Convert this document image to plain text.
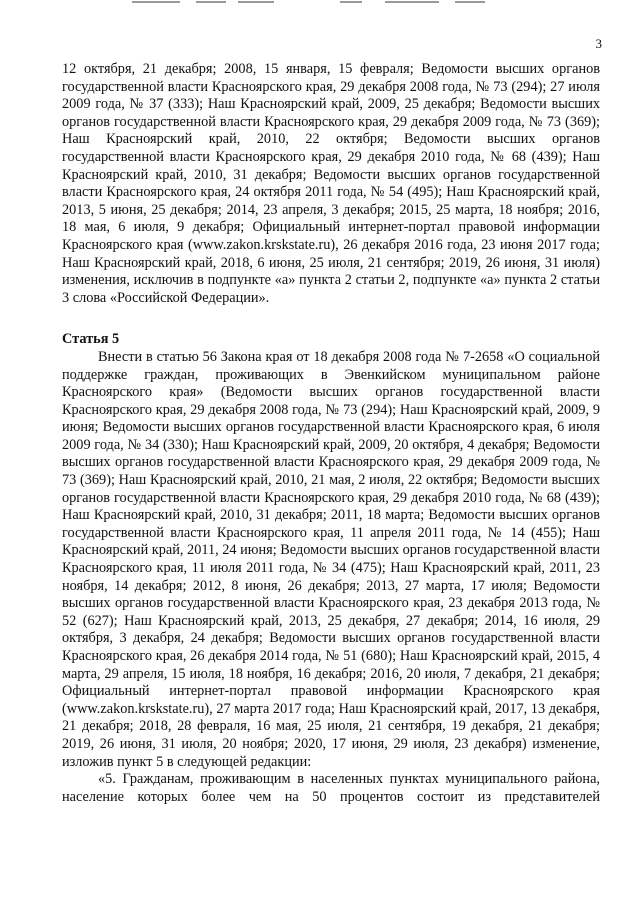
3

12 октября, 21 декабря; 2008, 15 января, 15 февраля; Ведомости высших органов государственной власти Красноярского края, 29 декабря 2008 года, № 73 (294); 27 июля 2009 года, № 37 (333); Наш Красноярский край, 2009, 25 декабря; Ведомости высших органов государственной власти Красноярского края, 29 декабря 2009 года, № 73 (369); Наш Красноярский край, 2010, 22 октября; Ведомости высших органов государственной власти Красноярского края, 29 декабря 2010 года, № 68 (439); Наш Красноярский край, 2010, 31 декабря; Ведомости высших органов государственной власти Красноярского края, 24 октября 2011 года, № 54 (495); Наш Красноярский край, 2013, 5 июня, 25 декабря; 2014, 23 апреля, 3 декабря; 2015, 25 марта, 18 ноября; 2016, 18 мая, 6 июля, 9 декабря; Официальный интернет-портал правовой информации Красноярского края (www.zakon.krskstate.ru), 26 декабря 2016 года, 23 июня 2017 года; Наш Красноярский край, 2018, 6 июня, 25 июля, 21 сентября; 2019, 26 июня, 31 июля) изменения, исключив в подпункте «а» пункта 2 статьи 2, подпункте «а» пункта 2 статьи 3 слова «Российской Федерации».

Статья 5

Внести в статью 56 Закона края от 18 декабря 2008 года № 7-2658 «О социальной поддержке граждан, проживающих в Эвенкийском муниципальном районе Красноярского края» (Ведомости высших органов государственной власти Красноярского края, 29 декабря 2008 года, № 73 (294); Наш Красноярский край, 2009, 9 июня; Ведомости высших органов государственной власти Красноярского края, 6 июля 2009 года, № 34 (330); Наш Красноярский край, 2009, 20 октября, 4 декабря; Ведомости высших органов государственной власти Красноярского края, 29 декабря 2009 года, № 73 (369); Наш Красноярский край, 2010, 21 мая, 2 июля, 22 октября; Ведомости высших органов государственной власти Красноярского края, 29 декабря 2010 года, № 68 (439); Наш Красноярский край, 2010, 31 декабря; 2011, 18 марта; Ведомости высших органов государственной власти Красноярского края, 11 апреля 2011 года, № 14 (455); Наш Красноярский край, 2011, 24 июня; Ведомости высших органов государственной власти Красноярского края, 11 июля 2011 года, № 34 (475); Наш Красноярский край, 2011, 23 ноября, 14 декабря; 2012, 8 июня, 26 декабря; 2013, 27 марта, 17 июля; Ведомости высших органов государственной власти Красноярского края, 23 декабря 2013 года, № 52 (627); Наш Красноярский край, 2013, 25 декабря, 27 декабря; 2014, 16 июля, 29 октября, 3 декабря, 24 декабря; Ведомости высших органов государственной власти Красноярского края, 26 декабря 2014 года, № 51 (680); Наш Красноярский край, 2015, 4 марта, 29 апреля, 15 июля, 18 ноября, 16 декабря; 2016, 20 июля, 7 декабря, 21 декабря; Официальный интернет-портал правовой информации Красноярского края (www.zakon.krskstate.ru), 27 марта 2017 года; Наш Красноярский край, 2017, 13 декабря, 21 декабря; 2018, 28 февраля, 16 мая, 25 июля, 21 сентября, 19 декабря, 21 декабря; 2019, 26 июня, 31 июля, 20 ноября; 2020, 17 июня, 29 июля, 23 декабря) изменение, изложив пункт 5 в следующей редакции:

«5. Гражданам, проживающим в населенных пунктах муниципального района, население которых более чем на 50 процентов состоит из представителей
